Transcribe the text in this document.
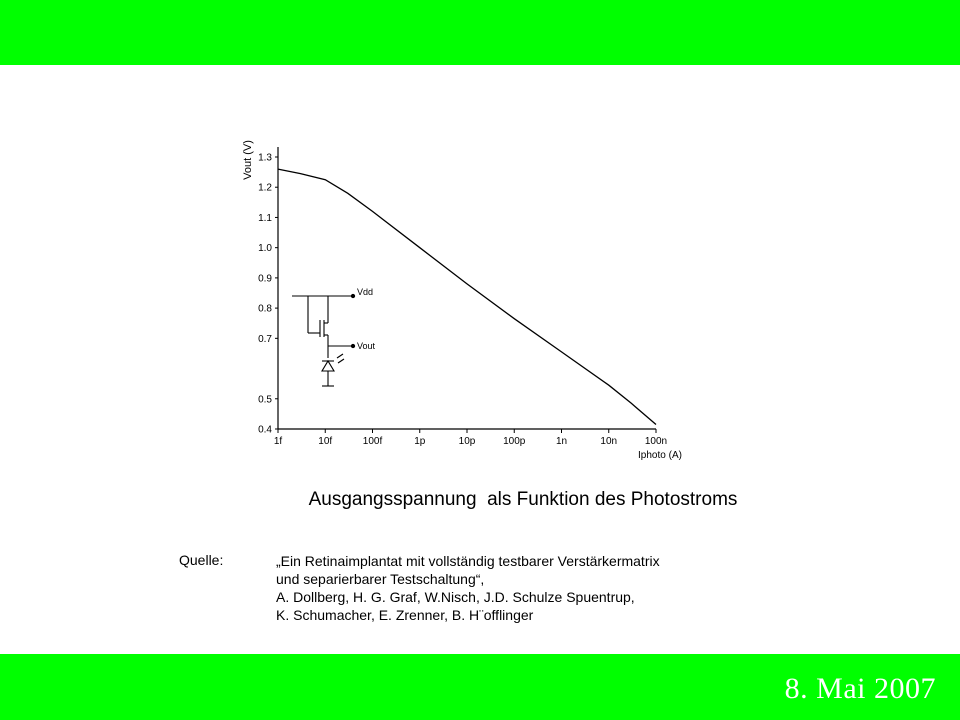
1.3
1.2
1.1
1.0
0.9
0.8
0.7
0.5
0.4
1f	10f	100f	1p	10p	100p	1n	10n	100n
Vout (V)
Iphoto (A)
Vdd
Vout
Ausgangsspannung  als Funktion des Photostroms
Quelle:	„Ein Retinaimplantat mit vollständig testbarer Verstärkermatrix
und separierbarer Testschaltung“,
A. Dollberg, H. G. Graf, W.Nisch, J.D. Schulze Spuentrup,
K. Schumacher, E. Zrenner, B. H¨offlinger
8. Mai 2007
